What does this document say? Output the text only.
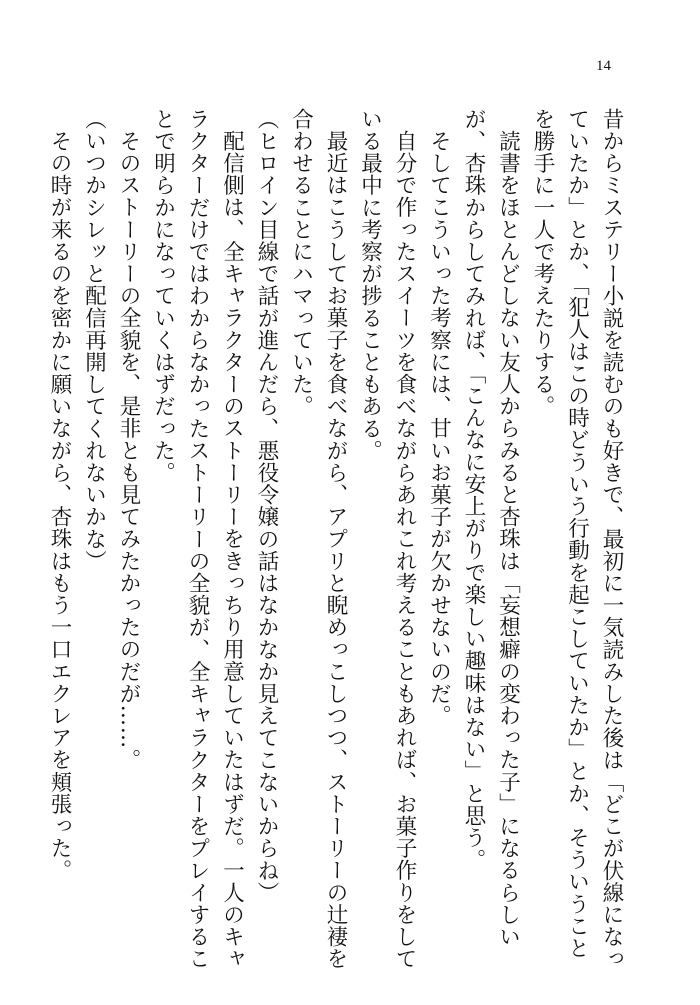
14

昔からミステリー小説を読むのも好きで、最初に一気読みした後は「どこが伏線になっていたか」とか、「犯人はこの時どういう行動を起こしていたか」とか、そういうことを勝手に一人で考えたりする。

読書をほとんどしない友人からみると杏珠は「妄想癖の変わった子」になるらしいが、杏珠からしてみれば、「こんなに安上がりで楽しい趣味はない」と思う。

そしてこういった考察には、甘いお菓子が欠かせないのだ。

自分で作ったスイーツを食べながらあれこれ考えることもあれば、お菓子作りをしている最中に考察が捗ることもある。

最近はこうしてお菓子を食べながら、アプリと睨めっこしつつ、ストーリーの辻褄を合わせることにハマっていた。

（ヒロイン目線で話が進んだら、悪役令嬢の話はなかなか見えてこないからね）

配信側は、全キャラクターのストーリーをきっちり用意していたはずだ。一人のキャラクターだけではわからなかったストーリーの全貌が、全キャラクターをプレイすることで明らかになっていくはずだった。

そのストーリーの全貌を、是非とも見てみたかったのだが……。

（いつかシレッと配信再開してくれないかな）

その時が来るのを密かに願いながら、杏珠はもう一口エクレアを頬張った。
